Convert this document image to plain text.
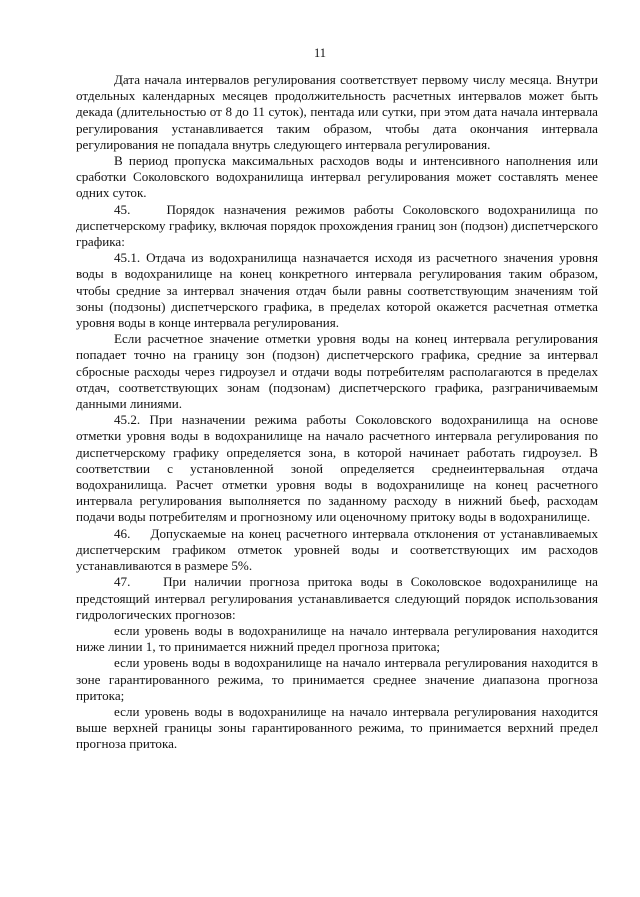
11

Дата начала интервалов регулирования соответствует первому числу месяца. Внутри отдельных календарных месяцев продолжительность расчетных интервалов может быть декада (длительностью от 8 до 11 суток), пентада или сутки, при этом дата начала интервала регулирования устанавливается таким образом, чтобы дата окончания интервала регулирования не попадала внутрь следующего интервала регулирования.

В период пропуска максимальных расходов воды и интенсивного наполнения или сработки Соколовского водохранилища интервал регулирования может составлять менее одних суток.

45.    Порядок назначения режимов работы Соколовского водохранилища по диспетчерскому графику, включая порядок прохождения границ зон (подзон) диспетчерского графика:

45.1. Отдача из водохранилища назначается исходя из расчетного значения уровня воды в водохранилище на конец конкретного интервала регулирования таким образом, чтобы средние за интервал значения отдач были равны соответствующим значениям той зоны (подзоны) диспетчерского графика, в пределах которой окажется расчетная отметка уровня воды в конце интервала регулирования.

Если расчетное значение отметки уровня воды на конец интервала регулирования попадает точно на границу зон (подзон) диспетчерского графика, средние за интервал сбросные расходы через гидроузел и отдачи воды потребителям располагаются в пределах отдач, соответствующих зонам (подзонам) диспетчерского графика, разграничиваемым данными линиями.

45.2. При назначении режима работы Соколовского водохранилища на основе отметки уровня воды в водохранилище на начало расчетного интервала регулирования по диспетчерскому графику определяется зона, в которой начинает работать гидроузел. В соответствии с установленной зоной определяется среднеинтервальная отдача водохранилища. Расчет отметки уровня воды в водохранилище на конец расчетного интервала регулирования выполняется по заданному расходу в нижний бьеф, расходам подачи воды потребителям и прогнозному или оценочному притоку воды в водохранилище.

46.    Допускаемые на конец расчетного интервала отклонения от устанавливаемых диспетчерским графиком отметок уровней воды и соответствующих им расходов устанавливаются в размере 5%.

47.    При наличии прогноза притока воды в Соколовское водохранилище на предстоящий интервал регулирования устанавливается следующий порядок использования гидрологических прогнозов:

если уровень воды в водохранилище на начало интервала регулирования находится ниже линии 1, то принимается нижний предел прогноза притока;

если уровень воды в водохранилище на начало интервала регулирования находится в зоне гарантированного режима, то принимается среднее значение диапазона прогноза притока;

если уровень воды в водохранилище на начало интервала регулирования находится выше верхней границы зоны гарантированного режима, то принимается верхний предел прогноза притока.
